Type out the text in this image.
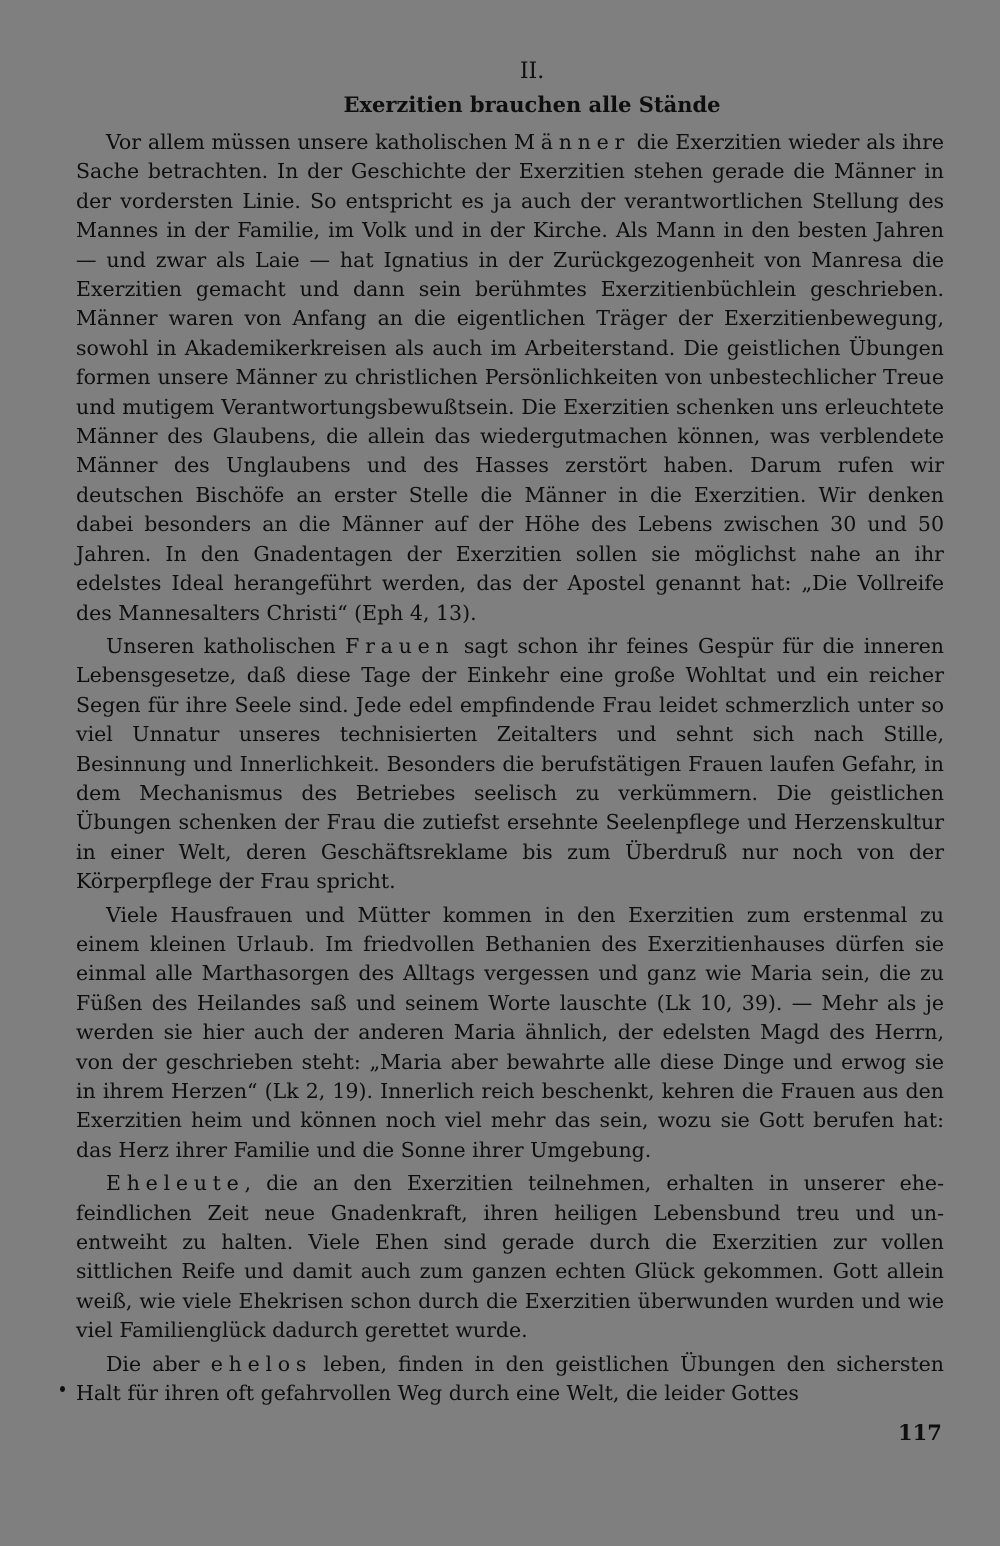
II.
Exerzitien brauchen alle Stände

Vor allem müssen unsere katholischen Männer die Exerzitien wieder als ihre Sache betrachten. In der Geschichte der Exerzitien stehen gerade die Männer in der vordersten Linie. So entspricht es ja auch der verantwortlichen Stellung des Mannes in der Familie, im Volk und in der Kirche. Als Mann in den besten Jahren — und zwar als Laie — hat Ignatius in der Zurückgezogenheit von Manresa die Exerzitien gemacht und dann sein berühmtes Exerzitienbüchlein geschrieben. Männer waren von Anfang an die eigentlichen Träger der Exerzitienbewegung, sowohl in Akademikerkreisen als auch im Arbeiterstand. Die geistlichen Übungen formen unsere Männer zu christlichen Persönlichkeiten von unbestechlicher Treue und mutigem Verantwortungsbewußtsein. Die Exerzitien schenken uns erleuchtete Männer des Glaubens, die allein das wiedergutmachen können, was verblendete Männer des Unglaubens und des Hasses zerstört haben. Darum rufen wir deutschen Bischöfe an erster Stelle die Männer in die Exerzitien. Wir denken dabei besonders an die Männer auf der Höhe des Lebens zwischen 30 und 50 Jahren. In den Gnadentagen der Exerzitien sollen sie möglichst nahe an ihr edelstes Ideal herangeführt werden, das der Apostel genannt hat: „Die Vollreife des Mannesalters Christi“ (Eph 4, 13).

Unseren katholischen Frauen sagt schon ihr feines Gespür für die inneren Lebensgesetze, daß diese Tage der Einkehr eine große Wohltat und ein reicher Segen für ihre Seele sind. Jede edel empfindende Frau leidet schmerzlich unter so viel Unnatur unseres technisierten Zeitalters und sehnt sich nach Stille, Besinnung und Innerlichkeit. Besonders die berufstätigen Frauen laufen Gefahr, in dem Mechanismus des Betriebes seelisch zu verkümmern. Die geistlichen Übungen schenken der Frau die zutiefst ersehnte Seelenpflege und Herzenskultur in einer Welt, deren Geschäftsreklame bis zum Überdruß nur noch von der Körperpflege der Frau spricht.

Viele Hausfrauen und Mütter kommen in den Exerzitien zum erstenmal zu einem kleinen Urlaub. Im friedvollen Bethanien des Exerzitienhauses dürfen sie einmal alle Marthasorgen des Alltags vergessen und ganz wie Maria sein, die zu Füßen des Heilandes saß und seinem Worte lauschte (Lk 10, 39). — Mehr als je werden sie hier auch der anderen Maria ähnlich, der edelsten Magd des Herrn, von der geschrieben steht: „Maria aber bewahrte alle diese Dinge und erwog sie in ihrem Herzen“ (Lk 2, 19). Innerlich reich beschenkt, kehren die Frauen aus den Exerzitien heim und können noch viel mehr das sein, wozu sie Gott berufen hat: das Herz ihrer Familie und die Sonne ihrer Umgebung.

Eheleute, die an den Exerzitien teilnehmen, erhalten in unserer ehefeindlichen Zeit neue Gnadenkraft, ihren heiligen Lebensbund treu und unentweiht zu halten. Viele Ehen sind gerade durch die Exerzitien zur vollen sittlichen Reife und damit auch zum ganzen echten Glück gekommen. Gott allein weiß, wie viele Ehekrisen schon durch die Exerzitien überwunden wurden und wie viel Familienglück dadurch gerettet wurde.

Die aber ehelos leben, finden in den geistlichen Übungen den sichersten Halt für ihren oft gefahrvollen Weg durch eine Welt, die leider Gottes

117
